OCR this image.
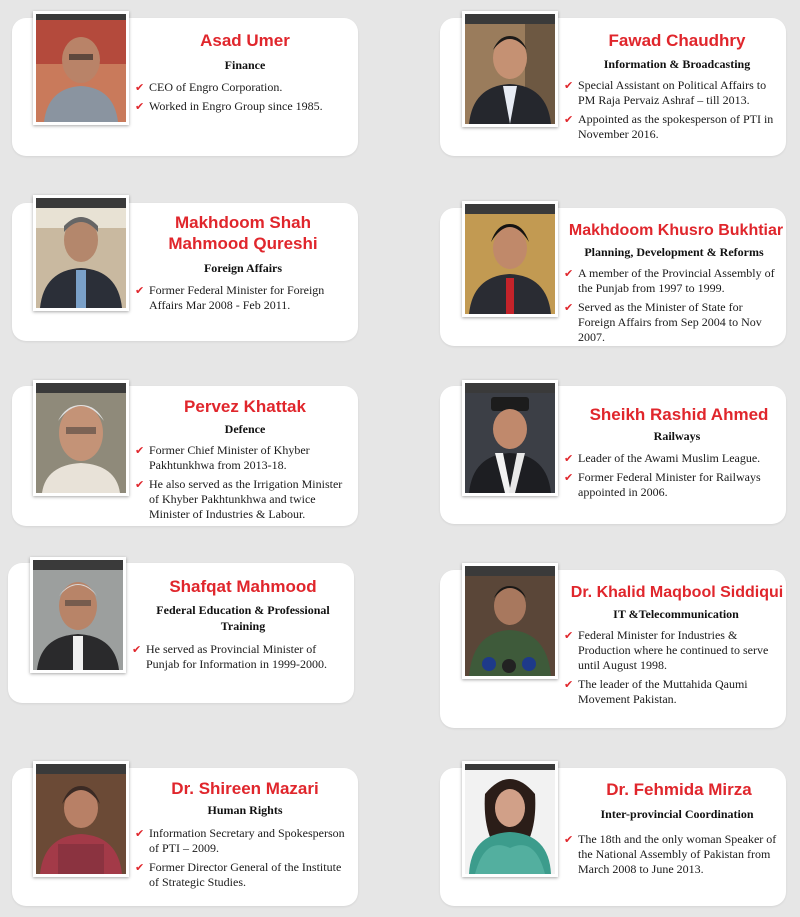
Asad Umer
Finance
✔ CEO of Engro Corporation.
✔ Worked in Engro Group since 1985.
Makhdoom Shah Mahmood Qureshi
Foreign Affairs
✔ Former Federal Minister for Foreign Affairs Mar 2008 - Feb 2011.
Pervez Khattak
Defence
✔ Former Chief Minister of Khyber Pakhtunkhwa from 2013-18.
✔ He also served as the Irrigation Minister of Khyber Pakhtunkhwa and twice Minister of Industries & Labour.
Shafqat Mahmood
Federal Education & Professional Training
✔ He served as Provincial Minister of Punjab for Information in 1999-2000.
Dr. Shireen Mazari
Human Rights
✔ Information Secretary and Spokesperson of PTI – 2009.
✔ Former Director General of the Institute of Strategic Studies.
Fawad Chaudhry
Information & Broadcasting
✔ Special Assistant on Political Affairs to PM Raja Pervaiz Ashraf – till 2013.
✔ Appointed as the spokesperson of PTI in November 2016.
Makhdoom Khusro Bukhtiar
Planning, Development & Reforms
✔ A member of the Provincial Assembly of the Punjab from 1997 to 1999.
✔ Served as the Minister of State for Foreign Affairs from Sep 2004 to Nov 2007.
Sheikh Rashid Ahmed
Railways
✔ Leader of the Awami Muslim League.
✔ Former Federal Minister for Railways appointed in 2006.
Dr. Khalid Maqbool Siddiqui
IT &Telecommunication
✔ Federal Minister for Industries & Production where he continued to serve until August 1998.
✔ The leader of the Muttahida Qaumi Movement Pakistan.
Dr. Fehmida Mirza
Inter-provincial Coordination
✔ The 18th and the only woman Speaker of the National Assembly of Pakistan from March 2008 to June 2013.
